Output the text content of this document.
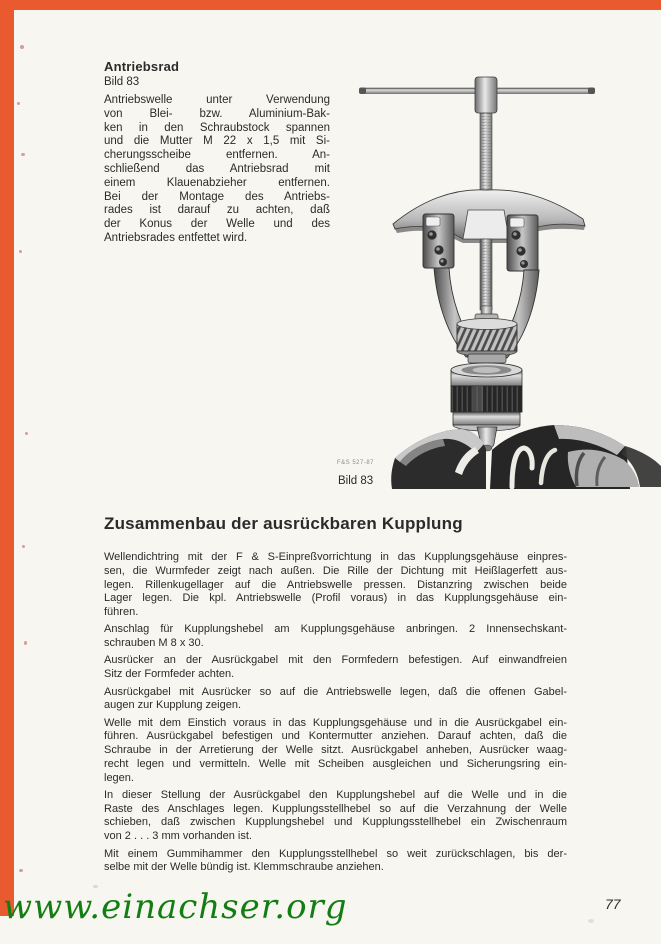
Antriebsrad
Bild 83
Antriebswelle unter Verwendung
von Blei- bzw. Aluminium-Bak-
ken in den Schraubstock spannen
und die Mutter M 22 x 1,5 mit Si-
cherungsscheibe entfernen. An-
schließend das Antriebsrad mit
einem Klauenabzieher entfernen.
Bei der Montage des Antriebs-
rades ist darauf zu achten, daß
der Konus der Welle und des
Antriebsrades entfettet wird.
F&S 527-87
Bild 83
Zusammenbau der ausrückbaren Kupplung

Wellendichtring mit der F & S-Einpreßvorrichtung in das Kupplungsgehäuse einpres-
sen, die Wurmfeder zeigt nach außen. Die Rille der Dichtung mit Heißlagerfett aus-
legen. Rillenkugellager auf die Antriebswelle pressen. Distanzring zwischen beide
Lager legen. Die kpl. Antriebswelle (Profil voraus) in das Kupplungsgehäuse ein-
führen.

Anschlag für Kupplungshebel am Kupplungsgehäuse anbringen. 2 Innensechskant-
schrauben M 8 x 30.

Ausrücker an der Ausrückgabel mit den Formfedern befestigen. Auf einwandfreien
Sitz der Formfeder achten.

Ausrückgabel mit Ausrücker so auf die Antriebswelle legen, daß die offenen Gabel-
augen zur Kupplung zeigen.

Welle mit dem Einstich voraus in das Kupplungsgehäuse und in die Ausrückgabel ein-
führen. Ausrückgabel befestigen und Kontermutter anziehen. Darauf achten, daß die
Schraube in der Arretierung der Welle sitzt. Ausrückgabel anheben, Ausrücker waag-
recht legen und vermitteln. Welle mit Scheiben ausgleichen und Sicherungsring ein-
legen.

In dieser Stellung der Ausrückgabel den Kupplungshebel auf die Welle und in die
Raste des Anschlages legen. Kupplungsstellhebel so auf die Verzahnung der Welle
schieben, daß zwischen Kupplungshebel und Kupplungsstellhebel ein Zwischenraum
von 2 . . . 3 mm vorhanden ist.

Mit einem Gummihammer den Kupplungsstellhebel so weit zurückschlagen, bis der-
selbe mit der Welle bündig ist. Klemmschraube anziehen.

www.einachser.org	77
